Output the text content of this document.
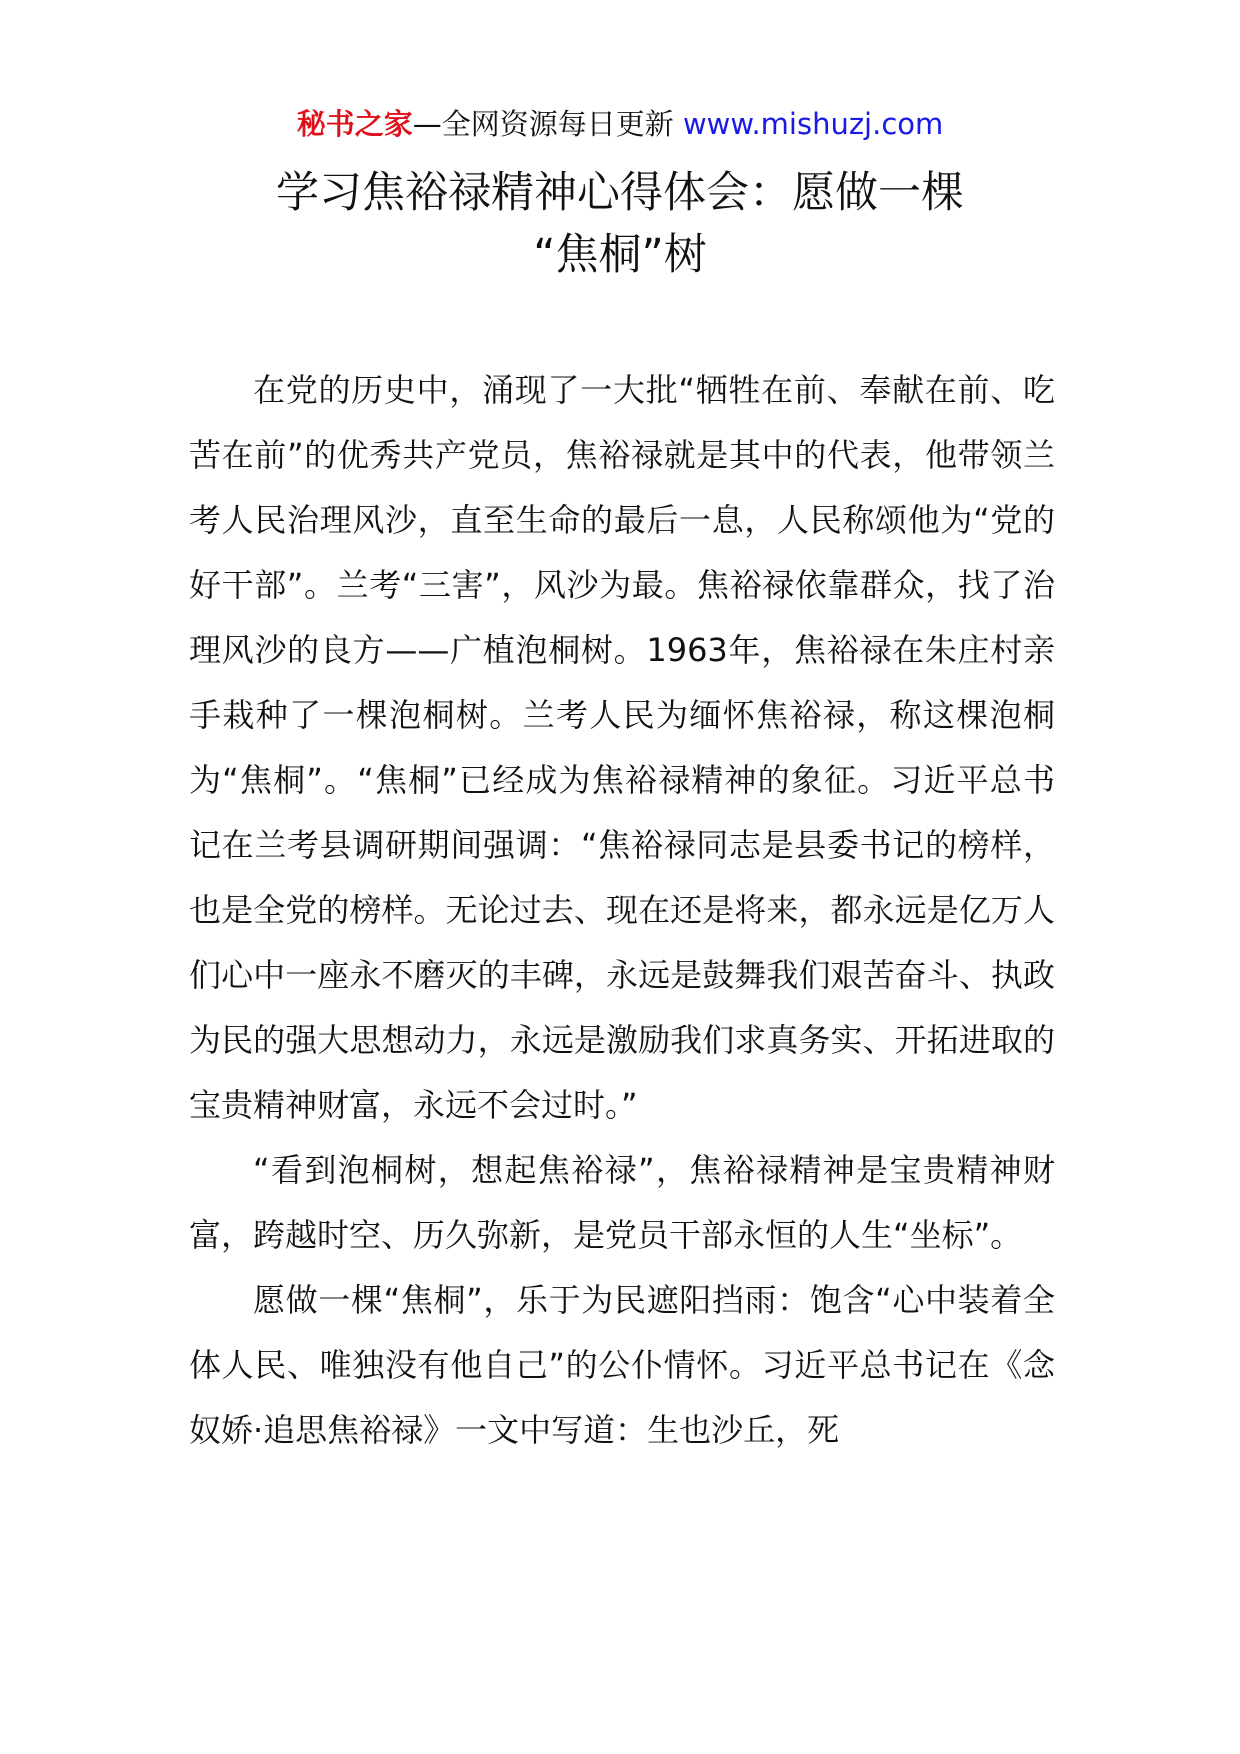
秘书之家—全网资源每日更新 www.mishuzj.com
学习焦裕禄精神心得体会：愿做一棵
“焦桐”树

在党的历史中，涌现了一大批“牺牲在前、奉献在前、吃苦在前”的优秀共产党员，焦裕禄就是其中的代表，他带领兰考人民治理风沙，直至生命的最后一息，人民称颂他为“党的好干部”。兰考“三害”，风沙为最。焦裕禄依靠群众，找了治理风沙的良方——广植泡桐树。1963年，焦裕禄在朱庄村亲手栽种了一棵泡桐树。兰考人民为缅怀焦裕禄，称这棵泡桐为“焦桐”。“焦桐”已经成为焦裕禄精神的象征。习近平总书记在兰考县调研期间强调：“焦裕禄同志是县委书记的榜样，也是全党的榜样。无论过去、现在还是将来，都永远是亿万人们心中一座永不磨灭的丰碑，永远是鼓舞我们艰苦奋斗、执政为民的强大思想动力，永远是激励我们求真务实、开拓进取的宝贵精神财富，永远不会过时。”

“看到泡桐树，想起焦裕禄”，焦裕禄精神是宝贵精神财富，跨越时空、历久弥新，是党员干部永恒的人生“坐标”。

愿做一棵“焦桐”，乐于为民遮阳挡雨：饱含“心中装着全体人民、唯独没有他自己”的公仆情怀。习近平总书记在《念奴娇·追思焦裕禄》一文中写道：生也沙丘，死
